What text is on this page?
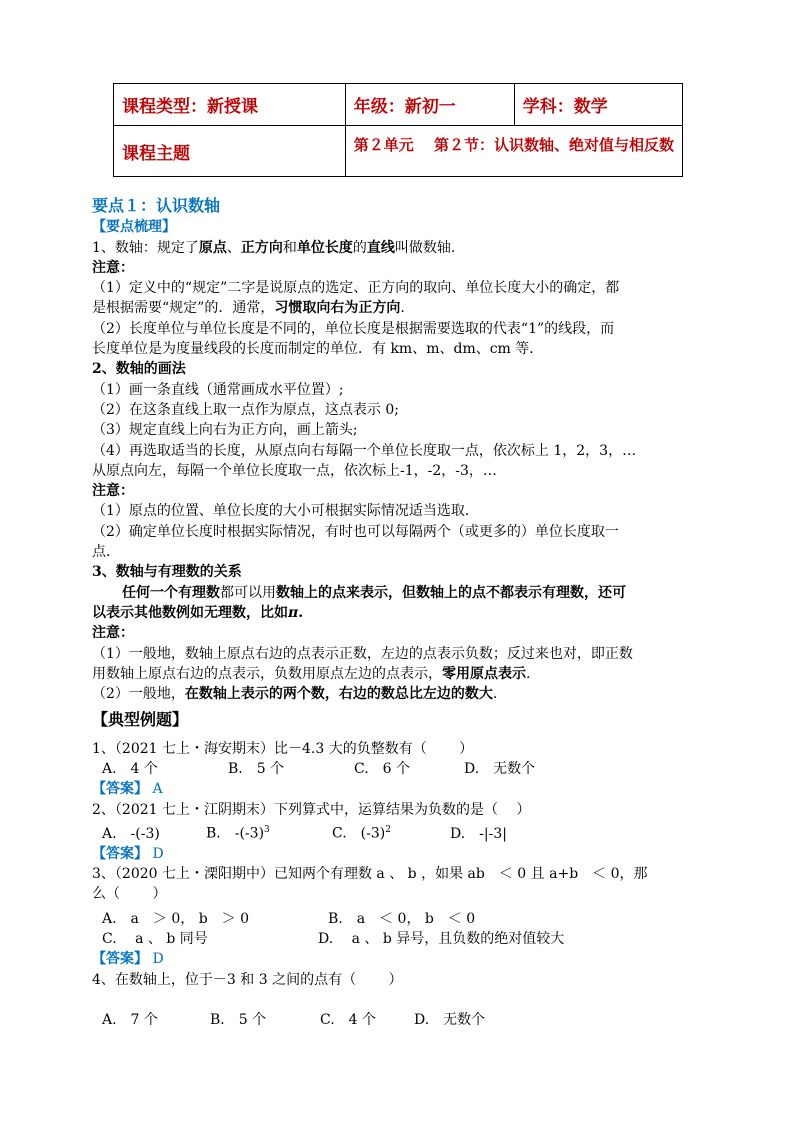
课程类型：新授课	年级：新初一	学科：数学
课程主题	第２单元　 第２节：认识数轴、绝对值与相反数	
要点１：认识数轴
【要点梳理】
1、数轴：规定了原点、正方向和单位长度的直线叫做数轴.
注意：
（1）定义中的“规定”二字是说原点的选定、正方向的取向、单位长度大小的确定，都
是根据需要“规定”的．通常，习惯取向右为正方向.
（2）长度单位与单位长度是不同的，单位长度是根据需要选取的代表“1”的线段，而
长度单位是为度量线段的长度而制定的单位．有 km、m、dm、cm 等．
2、数轴的画法
（1）画一条直线（通常画成水平位置）;
（2）在这条直线上取一点作为原点，这点表示 0;
（3）规定直线上向右为正方向，画上箭头;
（4）再选取适当的长度，从原点向右每隔一个单位长度取一点，依次标上 1，2，3，…
从原点向左，每隔一个单位长度取一点，依次标上-1，-2，-3，…
注意：
（1）原点的位置、单位长度的大小可根据实际情况适当选取．
（2）确定单位长度时根据实际情况，有时也可以每隔两个（或更多的）单位长度取一
点．
3、数轴与有理数的关系
任何一个有理数都可以用数轴上的点来表示，但数轴上的点不都表示有理数，还可
以表示其他数例如无理数，比如π.
注意：
（1）一般地，数轴上原点右边的点表示正数，左边的点表示负数；反过来也对，即正数
用数轴上原点右边的点表示，负数用原点左边的点表示，零用原点表示.
（2）一般地，在数轴上表示的两个数，右边的数总比左边的数大.
【典型例题】
1、（2021 七上・海安期末）比－4.3 大的负整数有（　　 ）
A.　4 个	B.　5 个	C.　6 个	D.　无数个
【答案】 A
2、（2021 七上・江阴期末）下列算式中，运算结果为负数的是（　 ）
A.　-(-3)	B.　$-(-3)^3$	C.　$(-3)^2$	D.　-|-3|
【答案】 D
3、（2020 七上・溧阳期中）已知两个有理数 a 、 b ，如果 ab　＜ 0 且 a+b　＜ 0，那
么（　　 ）
A.　a　＞ 0， b　＞ 0	B.　a　＜ 0， b　＜ 0
C.　 a 、 b 同号	D.　 a 、 b 异号，且负数的绝对值较大
【答案】 D
4、在数轴上，位于－3 和 3 之间的点有（　　 ）
A.　7 个	B.　5 个	C.　4 个	D.　无数个
